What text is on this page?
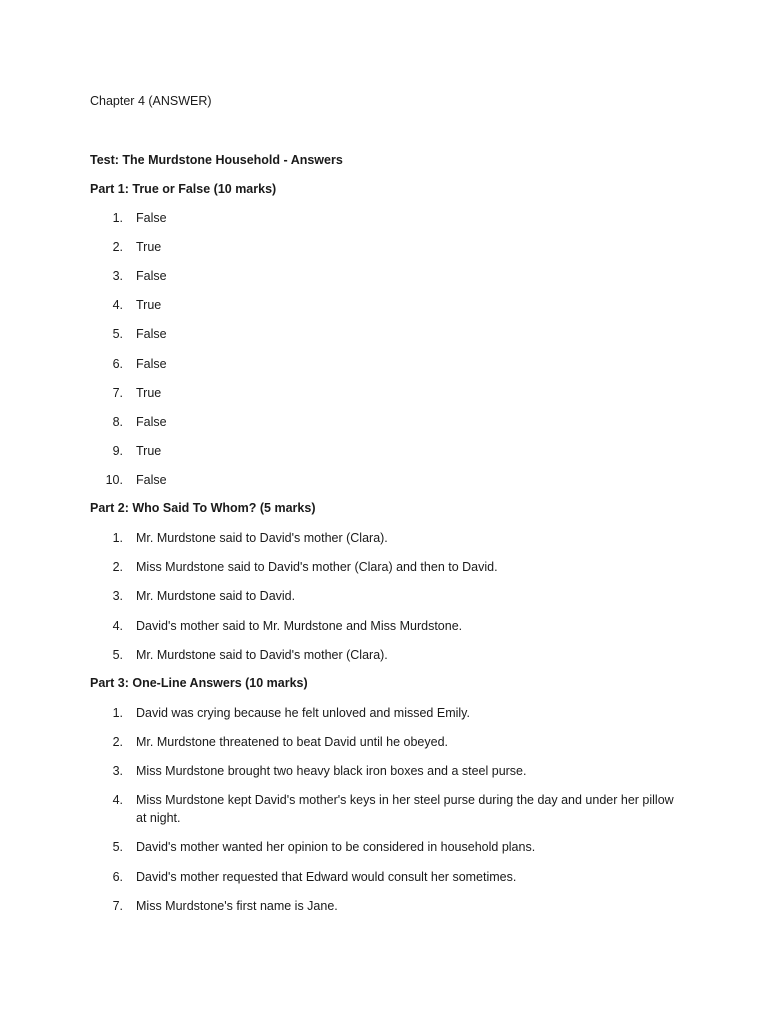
Chapter 4 (ANSWER)
Test: The Murdstone Household - Answers
Part 1: True or False (10 marks)
1. False
2. True
3. False
4. True
5. False
6. False
7. True
8. False
9. True
10. False
Part 2: Who Said To Whom? (5 marks)
1. Mr. Murdstone said to David's mother (Clara).
2. Miss Murdstone said to David's mother (Clara) and then to David.
3. Mr. Murdstone said to David.
4. David's mother said to Mr. Murdstone and Miss Murdstone.
5. Mr. Murdstone said to David's mother (Clara).
Part 3: One-Line Answers (10 marks)
1. David was crying because he felt unloved and missed Emily.
2. Mr. Murdstone threatened to beat David until he obeyed.
3. Miss Murdstone brought two heavy black iron boxes and a steel purse.
4. Miss Murdstone kept David's mother's keys in her steel purse during the day and under her pillow at night.
5. David's mother wanted her opinion to be considered in household plans.
6. David's mother requested that Edward would consult her sometimes.
7. Miss Murdstone's first name is Jane.
